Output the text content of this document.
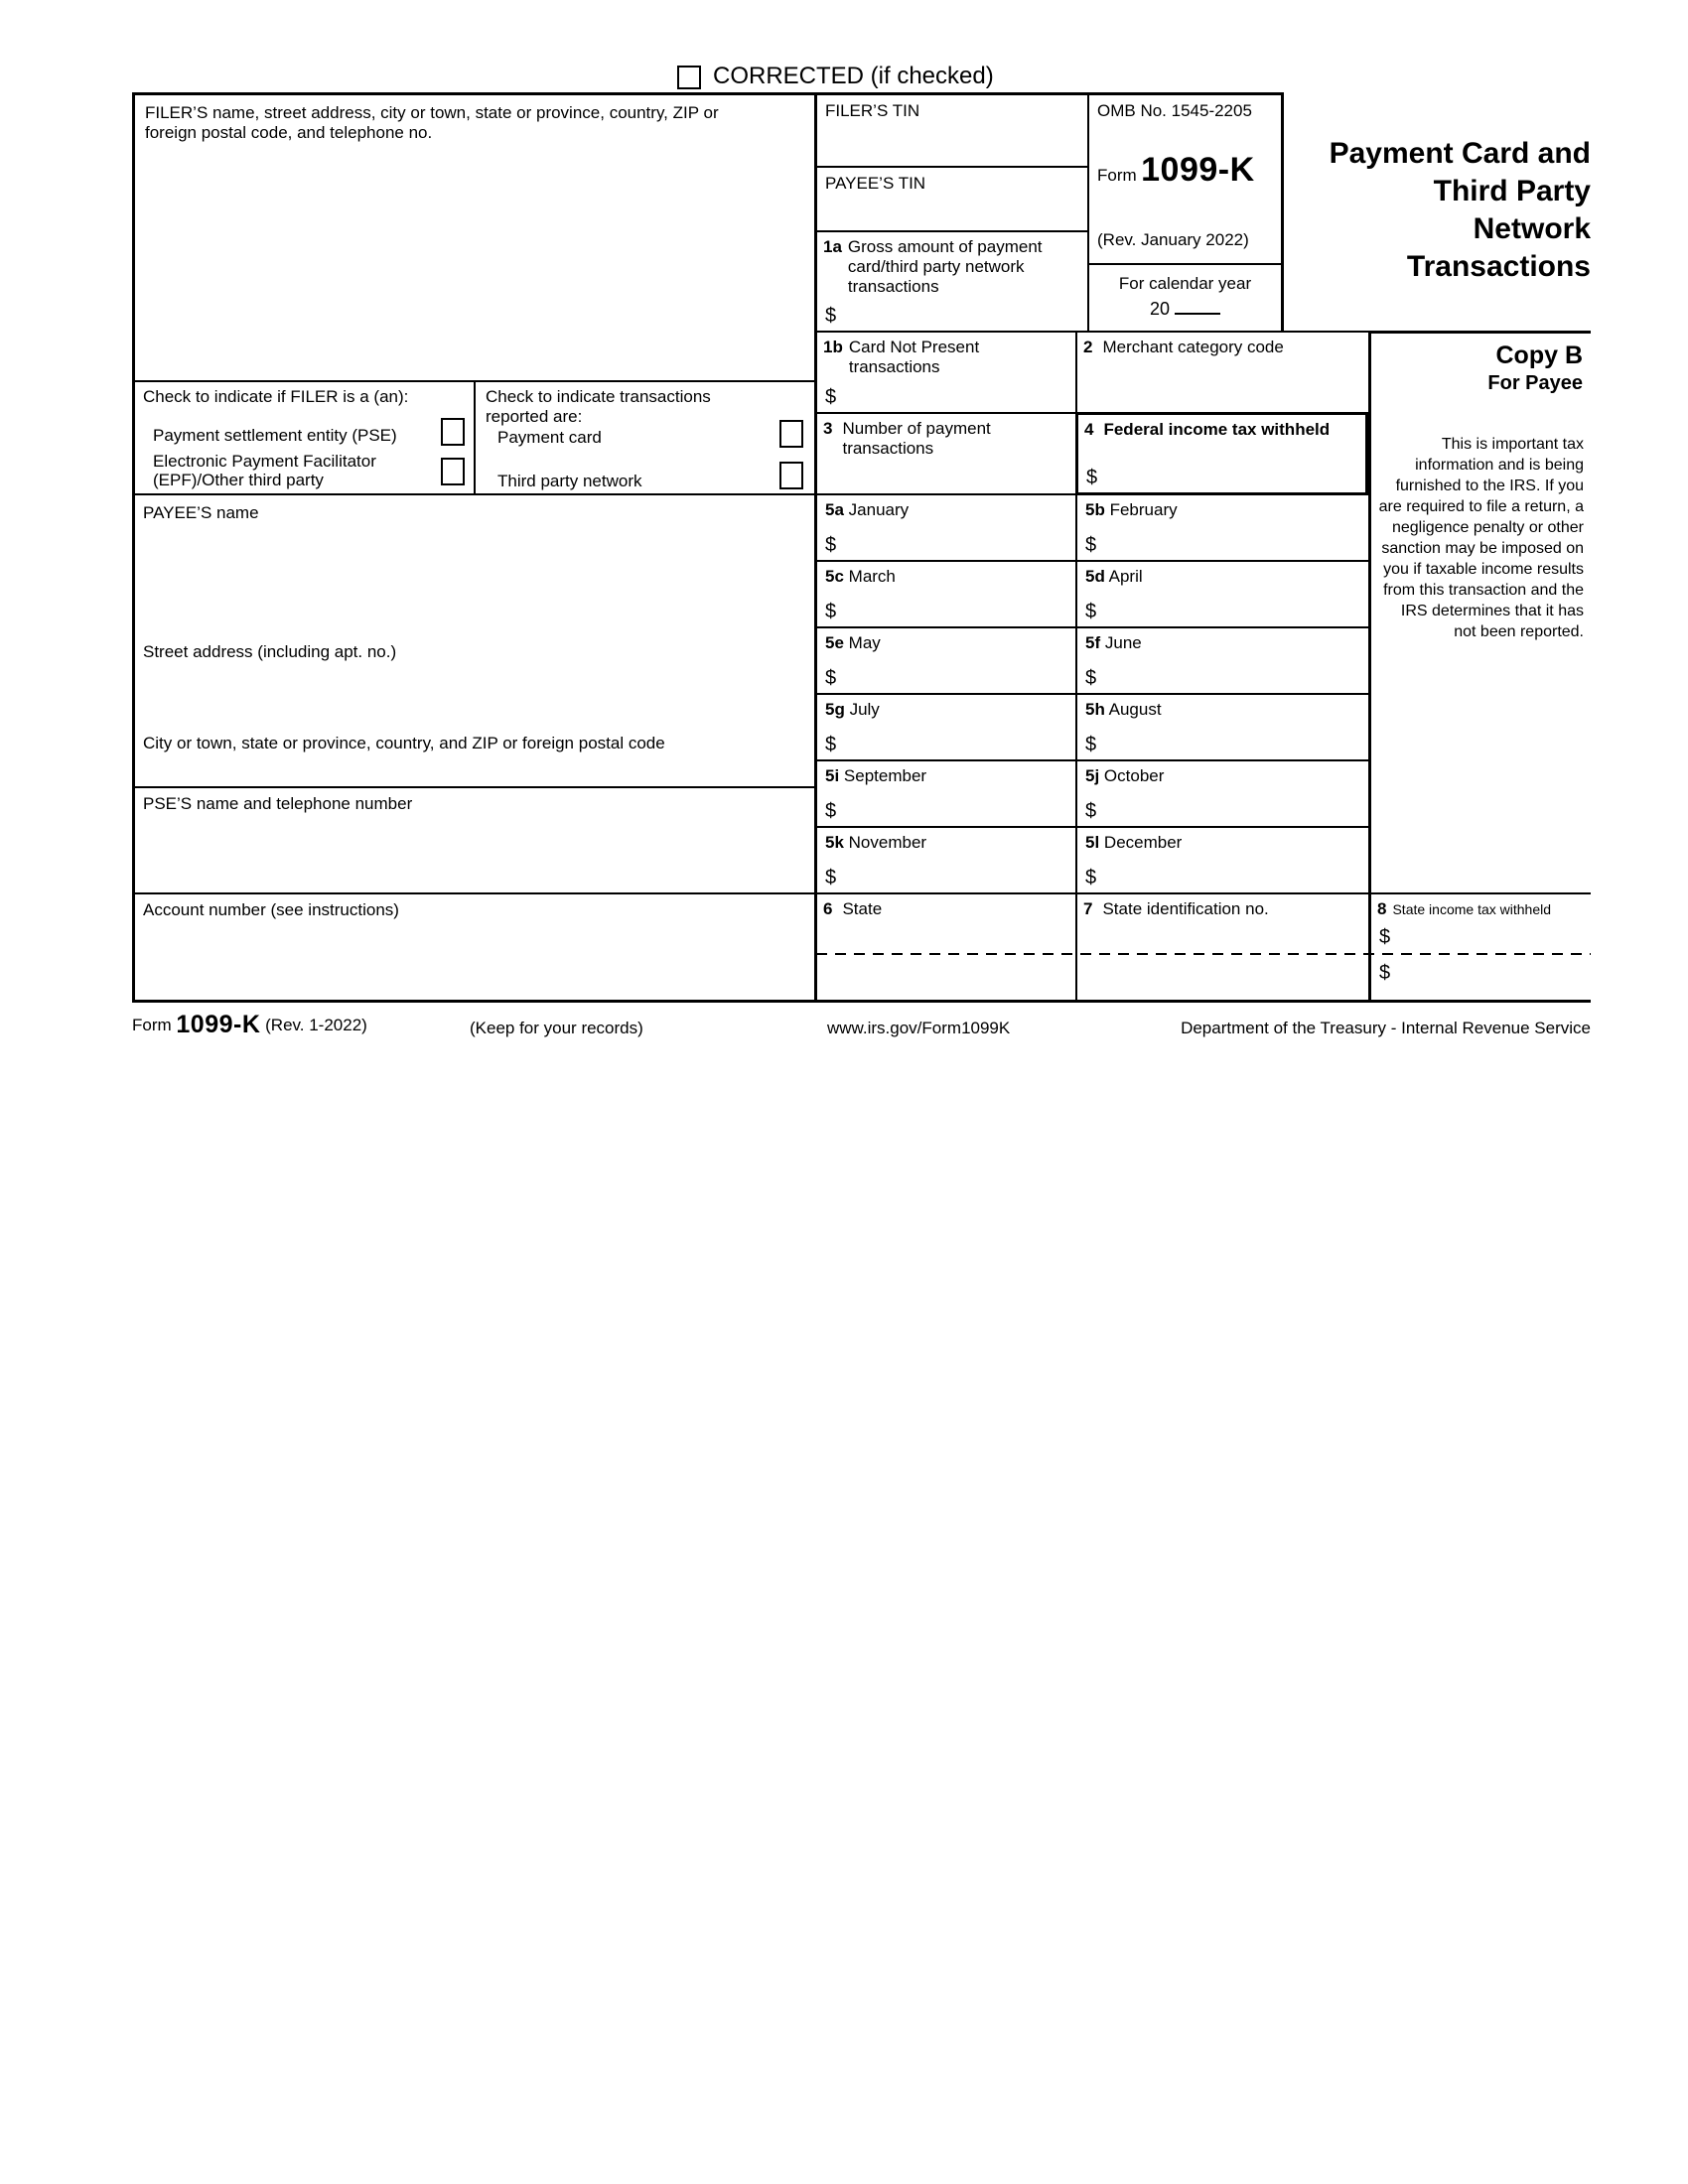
CORRECTED (if checked)
Payment Card and
Third Party
Network
Transactions
FILER’S name, street address, city or town, state or province, country, ZIP or foreign postal code, and telephone no.
Check to indicate if FILER is a (an):
Payment settlement entity (PSE)
Electronic Payment Facilitator (EPF)/Other third party
Check to indicate transactions reported are:
Payment card
Third party network
PAYEE’S name
Street address (including apt. no.)
City or town, state or province, country, and ZIP or foreign postal code
PSE’S name and telephone number
Account number (see instructions)
FILER’S TIN
PAYEE’S TIN
1a Gross amount of payment card/third party network transactions
$
OMB No. 1545-2205
Form 1099-K
(Rev. January 2022)
For calendar year
20
1b Card Not Present transactions
$
2 Merchant category code
3 Number of payment transactions
4 Federal income tax withheld
$
Copy B
For Payee
This is important tax information and is being furnished to the IRS. If you are required to file a return, a negligence penalty or other sanction may be imposed on you if taxable income results from this transaction and the IRS determines that it has not been reported.
5a January
$
5b February
$
5c March
$
5d April
$
5e May
$
5f June
$
5g July
$
5h August
$
5i September
$
5j October
$
5k November
$
5l December
$
6 State	7 State identification no.	8 State income tax withheld
$
$
Form 1099-K (Rev. 1-2022)	(Keep for your records)	www.irs.gov/Form1099K	Department of the Treasury - Internal Revenue Service
